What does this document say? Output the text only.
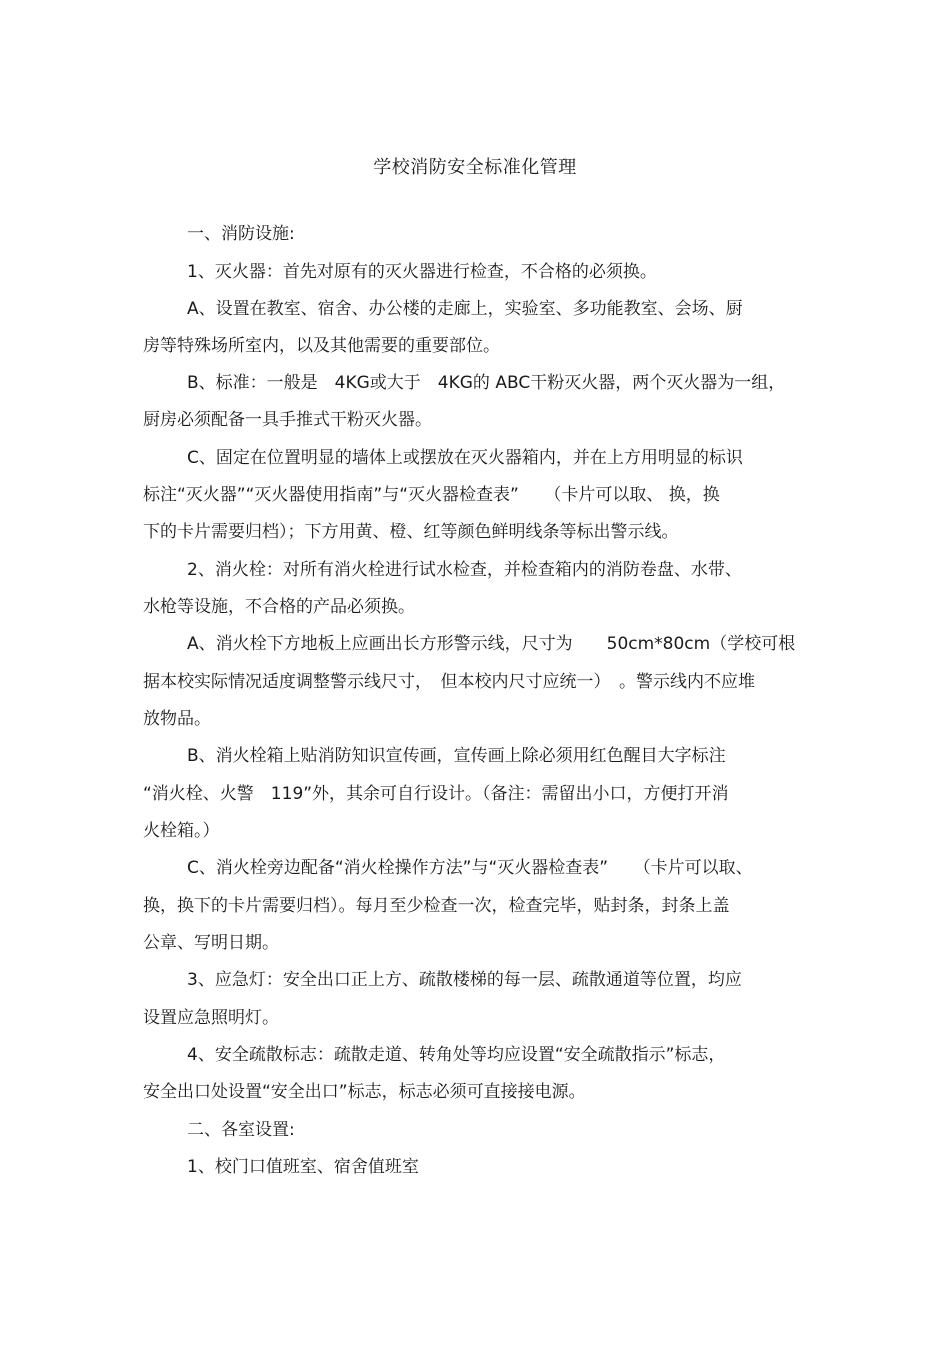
学校消防安全标准化管理
一、消防设施:
1、灭火器：首先对原有的灭火器进行检查，不合格的必须换。
A、设置在教室、宿舍、办公楼的走廊上，实验室、多功能教室、会场、厨
房等特殊场所室内，以及其他需要的重要部位。
B、标准：一般是　4KG或大于　4KG的 ABC干粉灭火器，两个灭火器为一组，
厨房必须配备一具手推式干粉灭火器。
C、固定在位置明显的墙体上或摆放在灭火器箱内，并在上方用明显的标识
标注“灭火器”“灭火器使用指南”与“灭火器检查表”　　（卡片可以取、 换，换
下的卡片需要归档）；下方用黄、橙、红等颜色鲜明线条等标出警示线。
2、消火栓：对所有消火栓进行试水检查，并检查箱内的消防卷盘、水带、
水枪等设施，不合格的产品必须换。
A、消火栓下方地板上应画出长方形警示线，尺寸为　　50cm*80cm（学校可根
据本校实际情况适度调整警示线尺寸，　但本校内尺寸应统一）　。警示线内不应堆
放物品。
B、消火栓箱上贴消防知识宣传画，宣传画上除必须用红色醒目大字标注
“消火栓、火警　119”外，其余可自行设计。（备注：需留出小口，方便打开消
火栓箱。）
C、消火栓旁边配备“消火栓操作方法”与“灭火器检查表”　　（卡片可以取、
换，换下的卡片需要归档）。每月至少检查一次，检查完毕，贴封条，封条上盖
公章、写明日期。
3、应急灯：安全出口正上方、疏散楼梯的每一层、疏散通道等位置，均应
设置应急照明灯。
4、安全疏散标志：疏散走道、转角处等均应设置“安全疏散指示”标志，
安全出口处设置“安全出口”标志，标志必须可直接接电源。
二、各室设置:
1、校门口值班室、宿舍值班室
